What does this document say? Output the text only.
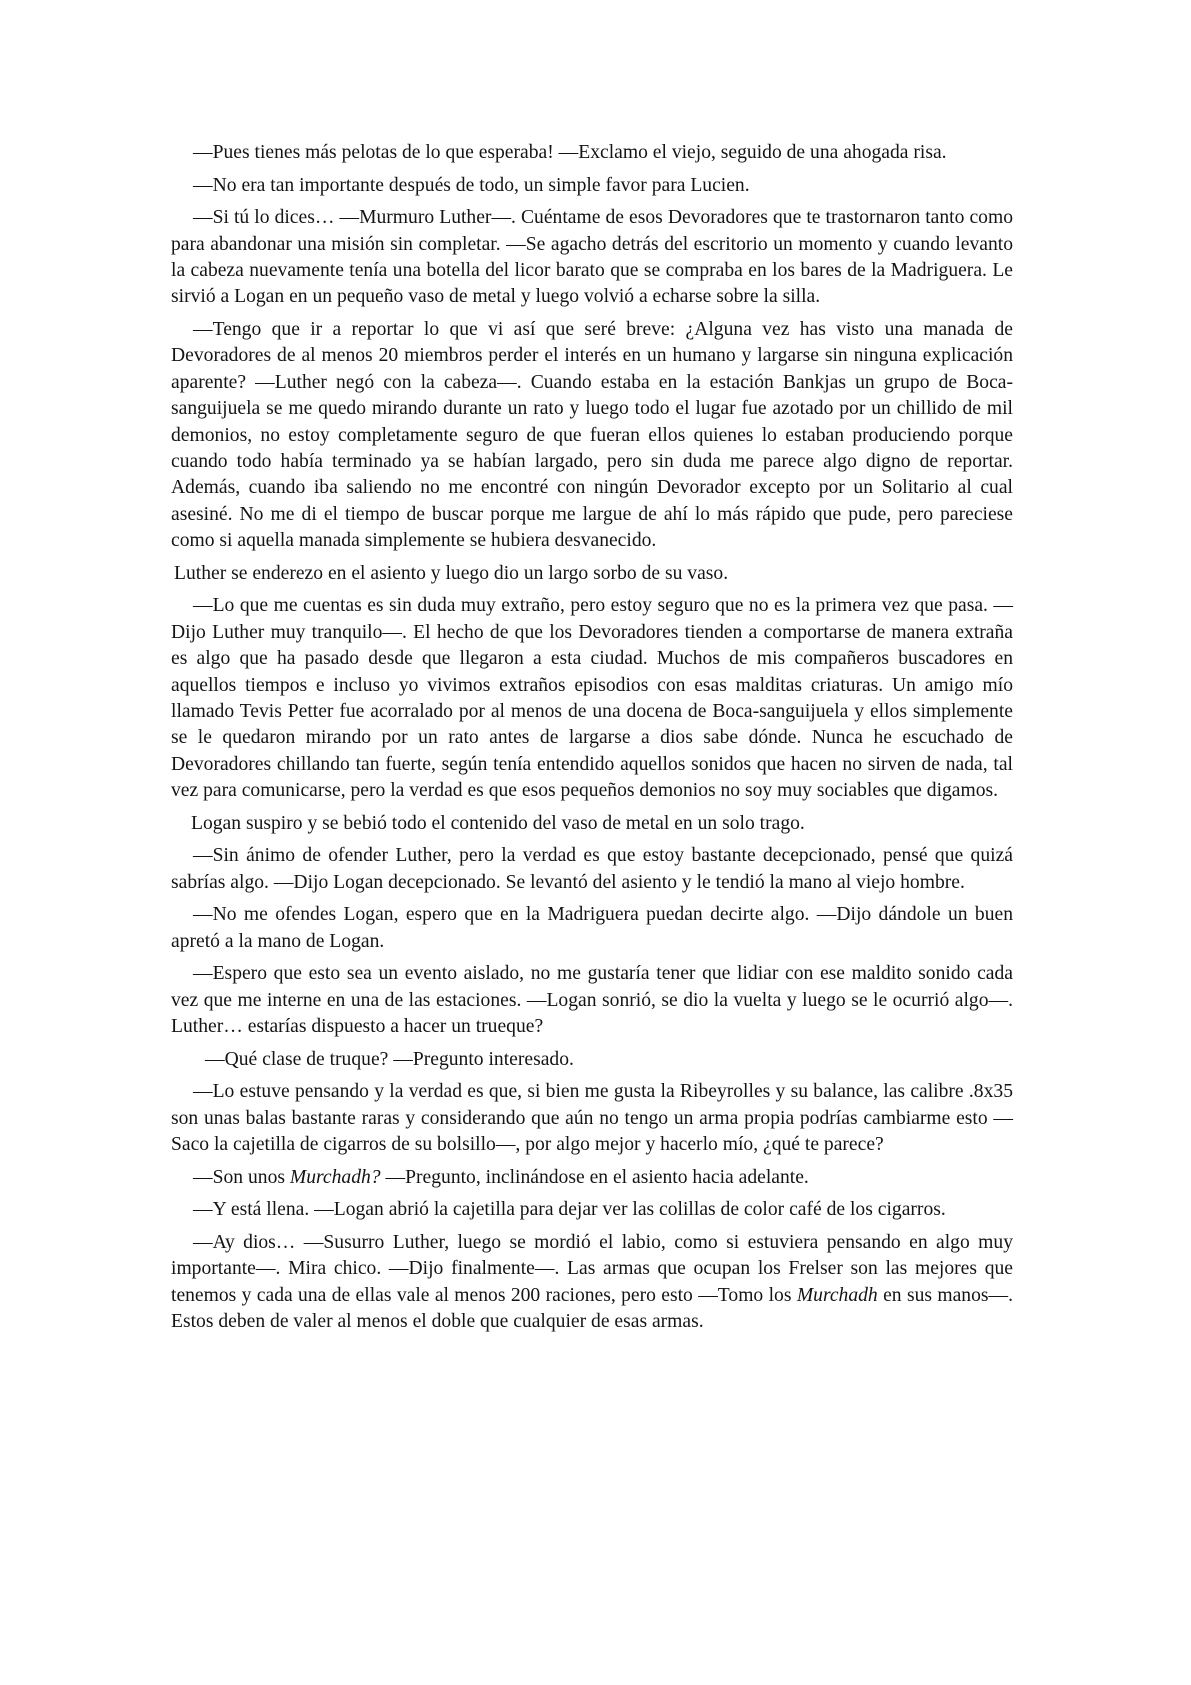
—Pues tienes más pelotas de lo que esperaba! —Exclamo el viejo, seguido de una ahogada risa.

—No era tan importante después de todo, un simple favor para Lucien.

—Si tú lo dices… —Murmuro Luther—. Cuéntame de esos Devoradores que te trastornaron tanto como para abandonar una misión sin completar. —Se agacho detrás del escritorio un momento y cuando levanto la cabeza nuevamente tenía una botella del licor barato que se compraba en los bares de la Madriguera. Le sirvió a Logan en un pequeño vaso de metal y luego volvió a echarse sobre la silla.

—Tengo que ir a reportar lo que vi así que seré breve: ¿Alguna vez has visto una manada de Devoradores de al menos 20 miembros perder el interés en un humano y largarse sin ninguna explicación aparente? —Luther negó con la cabeza—. Cuando estaba en la estación Bankjas un grupo de Boca-sanguijuela se me quedo mirando durante un rato y luego todo el lugar fue azotado por un chillido de mil demonios, no estoy completamente seguro de que fueran ellos quienes lo estaban produciendo porque cuando todo había terminado ya se habían largado, pero sin duda me parece algo digno de reportar. Además, cuando iba saliendo no me encontré con ningún Devorador excepto por un Solitario al cual asesiné. No me di el tiempo de buscar porque me largue de ahí lo más rápido que pude, pero pareciese como si aquella manada simplemente se hubiera desvanecido.

Luther se enderezo en el asiento y luego dio un largo sorbo de su vaso.

—Lo que me cuentas es sin duda muy extraño, pero estoy seguro que no es la primera vez que pasa. —Dijo Luther muy tranquilo—. El hecho de que los Devoradores tienden a comportarse de manera extraña es algo que ha pasado desde que llegaron a esta ciudad. Muchos de mis compañeros buscadores en aquellos tiempos e incluso yo vivimos extraños episodios con esas malditas criaturas. Un amigo mío llamado Tevis Petter fue acorralado por al menos de una docena de Boca-sanguijuela y ellos simplemente se le quedaron mirando por un rato antes de largarse a dios sabe dónde. Nunca he escuchado de Devoradores chillando tan fuerte, según tenía entendido aquellos sonidos que hacen no sirven de nada, tal vez para comunicarse, pero la verdad es que esos pequeños demonios no soy muy sociables que digamos.

Logan suspiro y se bebió todo el contenido del vaso de metal en un solo trago.

—Sin ánimo de ofender Luther, pero la verdad es que estoy bastante decepcionado, pensé que quizá sabrías algo. —Dijo Logan decepcionado. Se levantó del asiento y le tendió la mano al viejo hombre.

—No me ofendes Logan, espero que en la Madriguera puedan decirte algo. —Dijo dándole un buen apretó a la mano de Logan.

—Espero que esto sea un evento aislado, no me gustaría tener que lidiar con ese maldito sonido cada vez que me interne en una de las estaciones. —Logan sonrió, se dio la vuelta y luego se le ocurrió algo—. Luther… estarías dispuesto a hacer un trueque?

—Qué clase de truque? —Pregunto interesado.

—Lo estuve pensando y la verdad es que, si bien me gusta la Ribeyrolles y su balance, las calibre .8x35 son unas balas bastante raras y considerando que aún no tengo un arma propia podrías cambiarme esto —Saco la cajetilla de cigarros de su bolsillo—, por algo mejor y hacerlo mío, ¿qué te parece?

—Son unos Murchadh? —Pregunto, inclinándose en el asiento hacia adelante.

—Y está llena. —Logan abrió la cajetilla para dejar ver las colillas de color café de los cigarros.

—Ay dios… —Susurro Luther, luego se mordió el labio, como si estuviera pensando en algo muy importante—. Mira chico. —Dijo finalmente—. Las armas que ocupan los Frelser son las mejores que tenemos y cada una de ellas vale al menos 200 raciones, pero esto —Tomo los Murchadh en sus manos—. Estos deben de valer al menos el doble que cualquier de esas armas.
